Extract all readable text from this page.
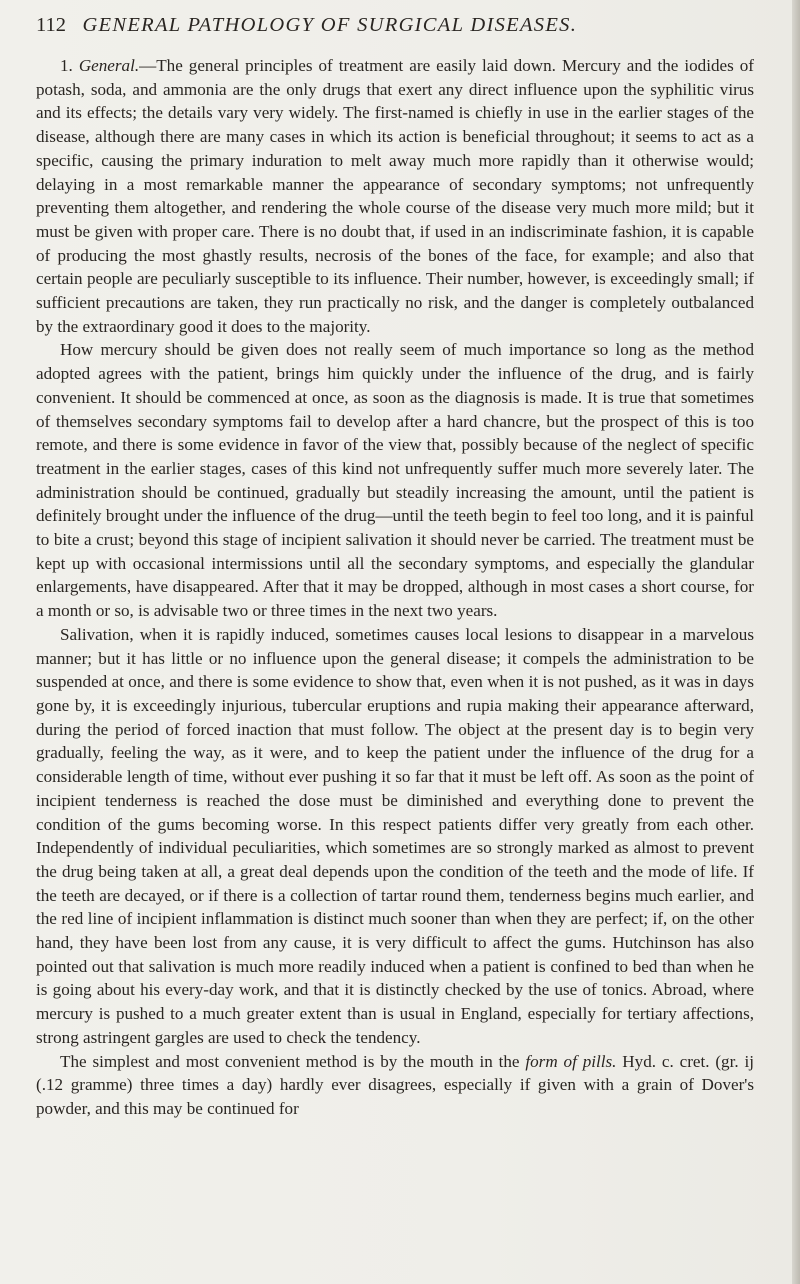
112 GENERAL PATHOLOGY OF SURGICAL DISEASES.

1. General.—The general principles of treatment are easily laid down. Mercury and the iodides of potash, soda, and ammonia are the only drugs that exert any direct influence upon the syphilitic virus and its effects; the details vary very widely. The first-named is chiefly in use in the earlier stages of the disease, although there are many cases in which its action is beneficial throughout; it seems to act as a specific, causing the primary induration to melt away much more rapidly than it otherwise would; delaying in a most remarkable manner the appearance of secondary symptoms; not unfrequently preventing them altogether, and rendering the whole course of the disease very much more mild; but it must be given with proper care. There is no doubt that, if used in an indiscriminate fashion, it is capable of producing the most ghastly results, necrosis of the bones of the face, for example; and also that certain people are peculiarly susceptible to its influence. Their number, however, is exceedingly small; if sufficient precautions are taken, they run practically no risk, and the danger is completely outbalanced by the extraordinary good it does to the majority.

How mercury should be given does not really seem of much importance so long as the method adopted agrees with the patient, brings him quickly under the influence of the drug, and is fairly convenient. It should be commenced at once, as soon as the diagnosis is made. It is true that sometimes of themselves secondary symptoms fail to develop after a hard chancre, but the prospect of this is too remote, and there is some evidence in favor of the view that, possibly because of the neglect of specific treatment in the earlier stages, cases of this kind not unfrequently suffer much more severely later. The administration should be continued, gradually but steadily increasing the amount, until the patient is definitely brought under the influence of the drug—until the teeth begin to feel too long, and it is painful to bite a crust; beyond this stage of incipient salivation it should never be carried. The treatment must be kept up with occasional intermissions until all the secondary symptoms, and especially the glandular enlargements, have disappeared. After that it may be dropped, although in most cases a short course, for a month or so, is advisable two or three times in the next two years.

Salivation, when it is rapidly induced, sometimes causes local lesions to disappear in a marvelous manner; but it has little or no influence upon the general disease; it compels the administration to be suspended at once, and there is some evidence to show that, even when it is not pushed, as it was in days gone by, it is exceedingly injurious, tubercular eruptions and rupia making their appearance afterward, during the period of forced inaction that must follow. The object at the present day is to begin very gradually, feeling the way, as it were, and to keep the patient under the influence of the drug for a considerable length of time, without ever pushing it so far that it must be left off. As soon as the point of incipient tenderness is reached the dose must be diminished and everything done to prevent the condition of the gums becoming worse. In this respect patients differ very greatly from each other. Independently of individual peculiarities, which sometimes are so strongly marked as almost to prevent the drug being taken at all, a great deal depends upon the condition of the teeth and the mode of life. If the teeth are decayed, or if there is a collection of tartar round them, tenderness begins much earlier, and the red line of incipient inflammation is distinct much sooner than when they are perfect; if, on the other hand, they have been lost from any cause, it is very difficult to affect the gums. Hutchinson has also pointed out that salivation is much more readily induced when a patient is confined to bed than when he is going about his every-day work, and that it is distinctly checked by the use of tonics. Abroad, where mercury is pushed to a much greater extent than is usual in England, especially for tertiary affections, strong astringent gargles are used to check the tendency.

The simplest and most convenient method is by the mouth in the form of pills. Hyd. c. cret. (gr. ij (.12 gramme) three times a day) hardly ever disagrees, especially if given with a grain of Dover's powder, and this may be continued for
